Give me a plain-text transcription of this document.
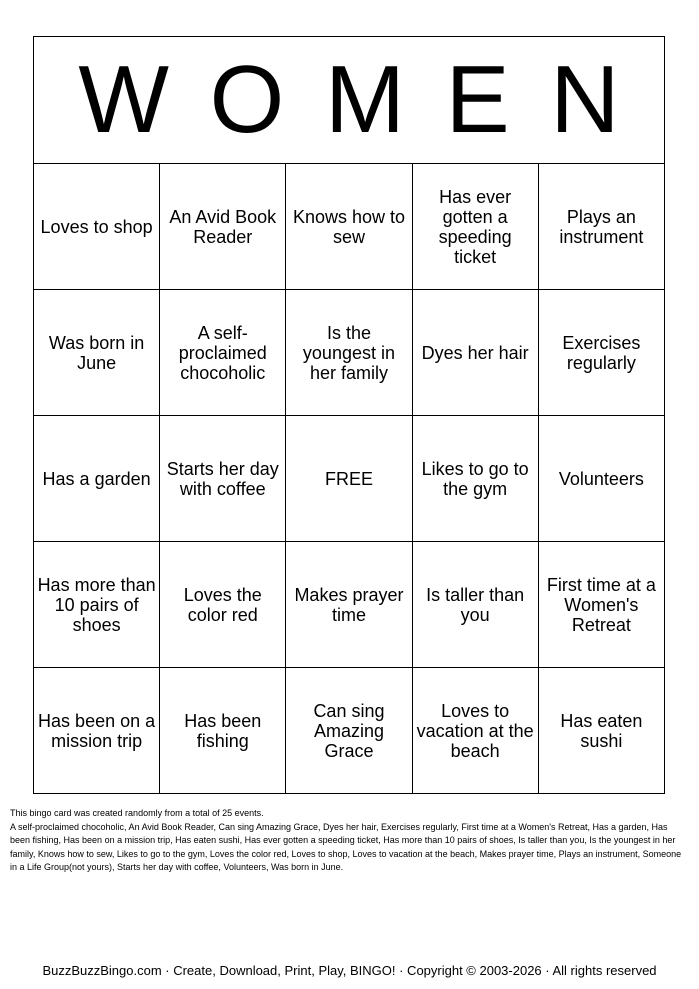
W O M E N				

Loves to shop	An Avid Book Reader	Knows how to sew	Has ever gotten a speeding ticket	Plays an instrument
Was born in June	A self-proclaimed chocoholic	Is the youngest in her family	Dyes her hair	Exercises regularly
Has a garden	Starts her day with coffee	FREE	Likes to go to the gym	Volunteers
Has more than 10 pairs of shoes	Loves the color red	Makes prayer time	Is taller than you	First time at a Women's Retreat
Has been on a mission trip	Has been fishing	Can sing Amazing Grace	Loves to vacation at the beach	Has eaten sushi

This bingo card was created randomly from a total of 25 events.

A self-proclaimed chocoholic, An Avid Book Reader, Can sing Amazing Grace, Dyes her hair, Exercises regularly, First time at a Women's Retreat, Has a garden, Has been fishing, Has been on a mission trip, Has eaten sushi, Has ever gotten a speeding ticket, Has more than 10 pairs of shoes, Is taller than you, Is the youngest in her family, Knows how to sew, Likes to go to the gym, Loves the color red, Loves to shop, Loves to vacation at the beach, Makes prayer time, Plays an instrument, Someone in a Life Group(not yours), Starts her day with coffee, Volunteers, Was born in June.

BuzzBuzzBingo.com · Create, Download, Print, Play, BINGO! · Copyright © 2003-2026 · All rights reserved
